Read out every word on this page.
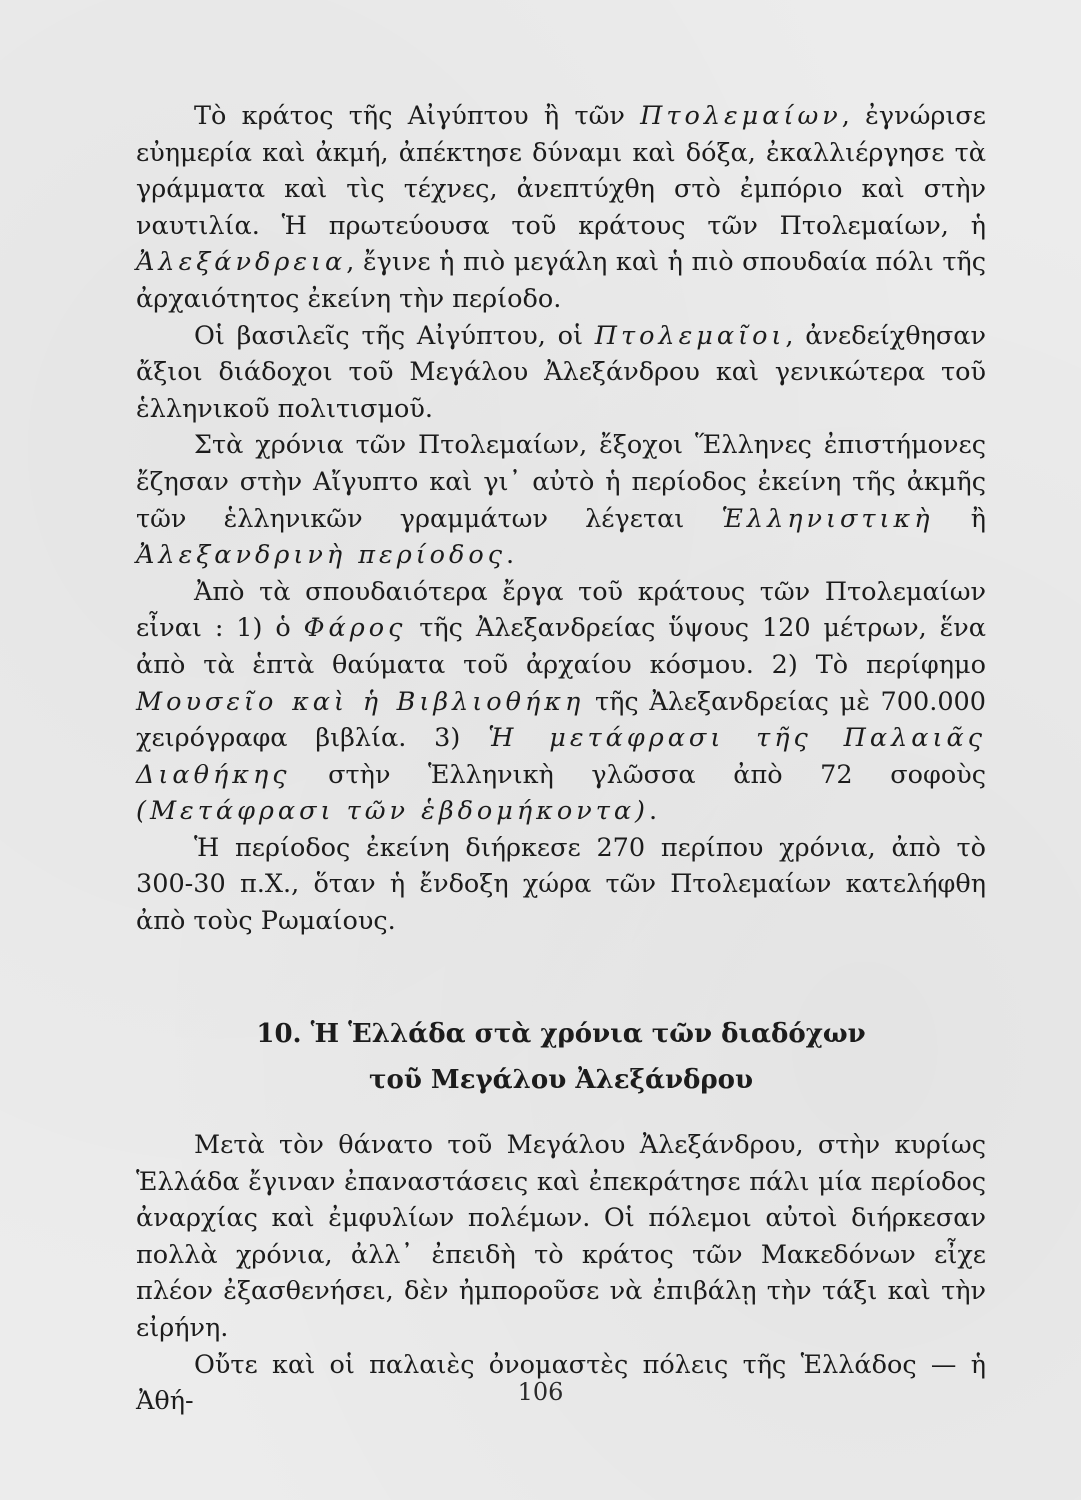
Τὸ κράτος τῆς Αἰγύπτου ἢ τῶν Πτολεμαίων, ἐγνώρισε εὐημερία καὶ ἀκμή, ἀπέκτησε δύναμι καὶ δόξα, ἐκαλλιέργησε τὰ γράμματα καὶ τὶς τέχνες, ἀνεπτύχθη στὸ ἐμπόριο καὶ στὴν ναυτιλία. Ἡ πρωτεύουσα τοῦ κράτους τῶν Πτολεμαίων, ἡ Ἀλεξάνδρεια, ἔγινε ἡ πιὸ μεγάλη καὶ ἡ πιὸ σπουδαία πόλι τῆς ἀρχαιότητος ἐκείνη τὴν περίοδο.

Οἱ βασιλεῖς τῆς Αἰγύπτου, οἱ Πτολεμαῖοι, ἀνεδείχθησαν ἄξιοι διάδοχοι τοῦ Μεγάλου Ἀλεξάνδρου καὶ γενικώτερα τοῦ ἑλληνικοῦ πολιτισμοῦ.

Στὰ χρόνια τῶν Πτολεμαίων, ἔξοχοι Ἕλληνες ἐπιστήμονες ἔζησαν στὴν Αἴγυπτο καὶ γι᾿ αὐτὸ ἡ περίοδος ἐκείνη τῆς ἀκμῆς τῶν ἑλληνικῶν γραμμάτων λέγεται Ἑλληνιστικὴ ἢ Ἀλεξανδρινὴ περίοδος.

Ἀπὸ τὰ σπουδαιότερα ἔργα τοῦ κράτους τῶν Πτολεμαίων εἶναι : 1) ὁ Φάρος τῆς Ἀλεξανδρείας ὕψους 120 μέτρων, ἕνα ἀπὸ τὰ ἑπτὰ θαύματα τοῦ ἀρχαίου κόσμου. 2) Τὸ περίφημο Μουσεῖο καὶ ἡ Βιβλιοθήκη τῆς Ἀλεξανδρείας μὲ 700.000 χειρόγραφα βιβλία. 3) Ἡ μετάφρασι τῆς Παλαιᾶς Διαθήκης στὴν Ἑλληνικὴ γλῶσσα ἀπὸ 72 σοφοὺς (Μετάφρασι τῶν ἑβδομήκοντα).

Ἡ περίοδος ἐκείνη διήρκεσε 270 περίπου χρόνια, ἀπὸ τὸ 300-30 π.Χ., ὅταν ἡ ἔνδοξη χώρα τῶν Πτολεμαίων κατελήφθη ἀπὸ τοὺς Ρωμαίους.

10. Ἡ Ἑλλάδα στὰ χρόνια τῶν διαδόχων
τοῦ Μεγάλου Ἀλεξάνδρου

Μετὰ τὸν θάνατο τοῦ Μεγάλου Ἀλεξάνδρου, στὴν κυρίως Ἑλλάδα ἔγιναν ἐπαναστάσεις καὶ ἐπεκράτησε πάλι μία περίοδος ἀναρχίας καὶ ἐμφυλίων πολέμων. Οἱ πόλεμοι αὐτοὶ διήρκεσαν πολλὰ χρόνια, ἀλλ᾿ ἐπειδὴ τὸ κράτος τῶν Μακεδόνων εἶχε πλέον ἐξασθενήσει, δὲν ἠμποροῦσε νὰ ἐπιβάλῃ τὴν τάξι καὶ τὴν εἰρήνη.

Οὔτε καὶ οἱ παλαιὲς ὀνομαστὲς πόλεις τῆς Ἑλλάδος — ἡ Ἀθή-	106
